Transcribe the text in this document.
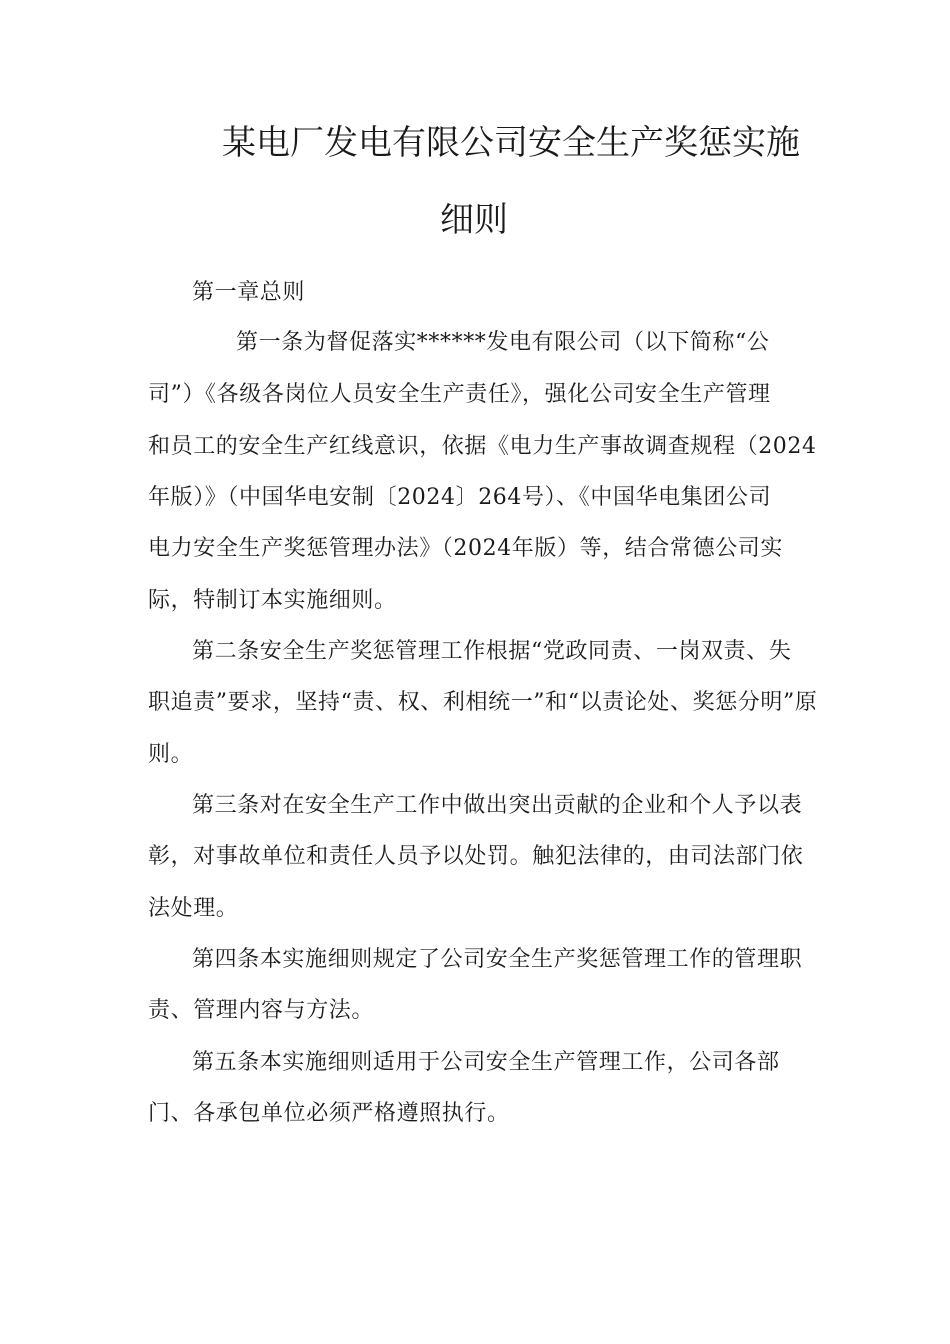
某电厂发电有限公司安全生产奖惩实施
细则
第一章总则
第一条为督促落实******发电有限公司（以下简称“公
司”）《各级各岗位人员安全生产责任》，强化公司安全生产管理
和员工的安全生产红线意识，依据《电力生产事故调查规程（2024
年版）》（中国华电安制〔2024〕264号）、《中国华电集团公司
电力安全生产奖惩管理办法》（2024年版）等，结合常德公司实
际，特制订本实施细则。
第二条安全生产奖惩管理工作根据“党政同责、一岗双责、失
职追责”要求，坚持“责、权、利相统一”和“以责论处、奖惩分明”原
则。
第三条对在安全生产工作中做出突出贡献的企业和个人予以表
彰，对事故单位和责任人员予以处罚。触犯法律的，由司法部门依
法处理。
第四条本实施细则规定了公司安全生产奖惩管理工作的管理职
责、管理内容与方法。
第五条本实施细则适用于公司安全生产管理工作，公司各部
门、各承包单位必须严格遵照执行。
